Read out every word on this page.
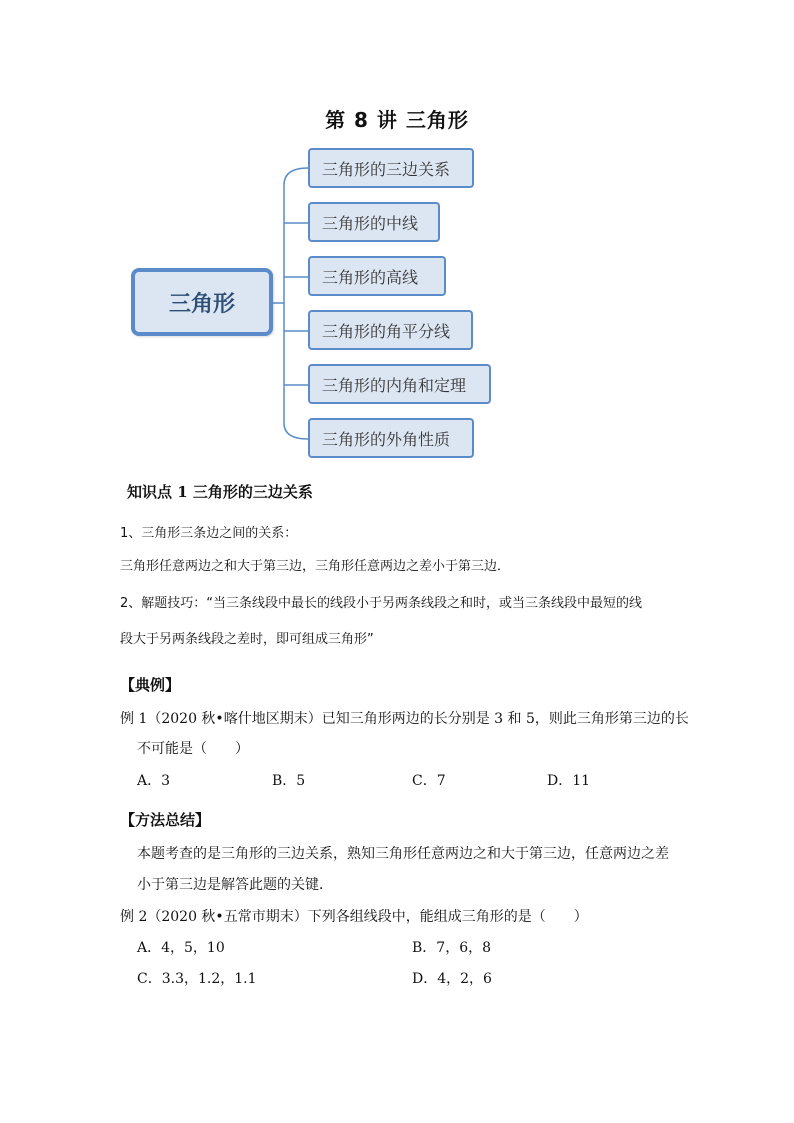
第 8 讲 三角形
三角形
三角形的三边关系
三角形的中线
三角形的高线
三角形的角平分线
三角形的内角和定理
三角形的外角性质
知识点 1 三角形的三边关系
1、三角形三条边之间的关系：
三角形任意两边之和大于第三边，三角形任意两边之差小于第三边．
2、解题技巧：“当三条线段中最长的线段小于另两条线段之和时，或当三条线段中最短的线
段大于另两条线段之差时，即可组成三角形”
【典例】
例 1（2020 秋•喀什地区期末）已知三角形两边的长分别是 3 和 5，则此三角形第三边的长
不可能是（　　）
A．3	B．5	C．7	D．11
【方法总结】
本题考查的是三角形的三边关系，熟知三角形任意两边之和大于第三边，任意两边之差
小于第三边是解答此题的关键．
例 2（2020 秋•五常市期末）下列各组线段中，能组成三角形的是（　　）
A．4，5，10	B．7，6，8
C．3.3，1.2，1.1	D．4，2，6
